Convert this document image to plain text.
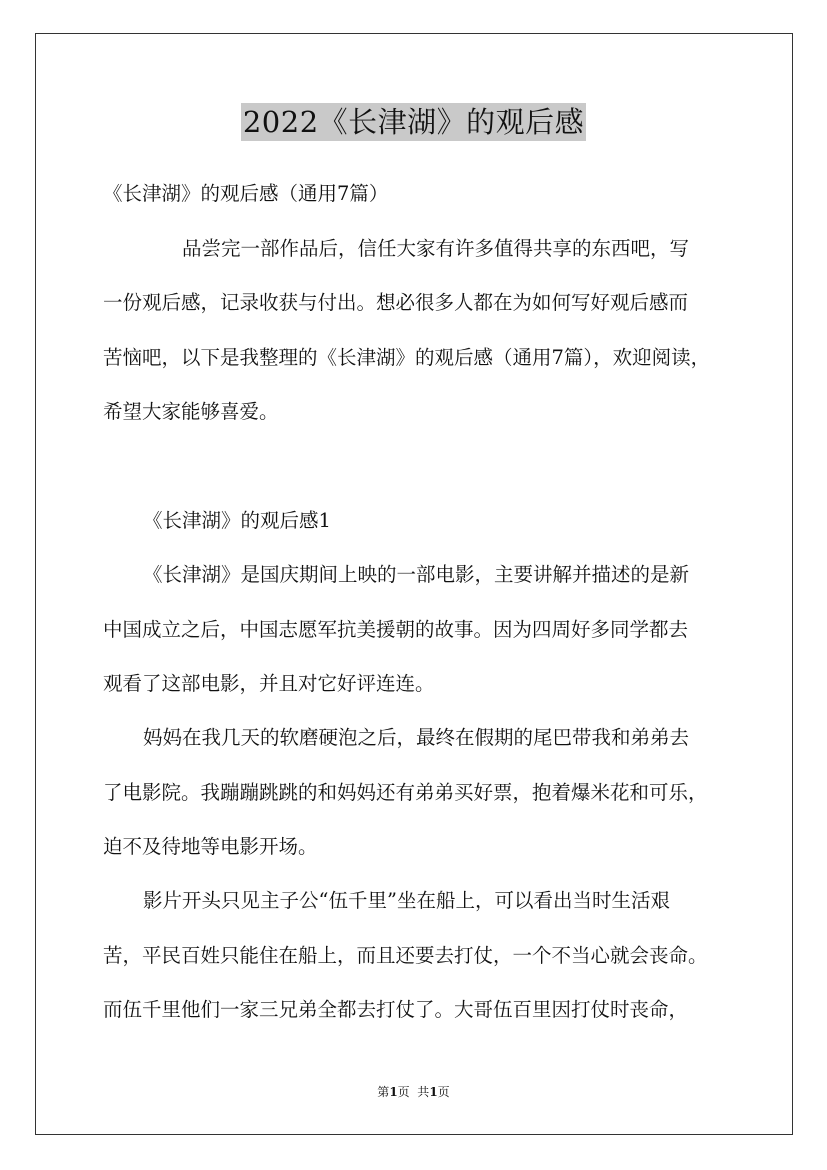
2022《长津湖》的观后感
《长津湖》的观后感（通用7篇）
品尝完一部作品后，信任大家有许多值得共享的东西吧，写
一份观后感，记录收获与付出。想必很多人都在为如何写好观后感而
苦恼吧，以下是我整理的《长津湖》的观后感（通用7篇），欢迎阅读，
希望大家能够喜爱。
《长津湖》的观后感1
《长津湖》是国庆期间上映的一部电影，主要讲解并描述的是新
中国成立之后，中国志愿军抗美援朝的故事。因为四周好多同学都去
观看了这部电影，并且对它好评连连。
妈妈在我几天的软磨硬泡之后，最终在假期的尾巴带我和弟弟去
了电影院。我蹦蹦跳跳的和妈妈还有弟弟买好票，抱着爆米花和可乐，
迫不及待地等电影开场。
影片开头只见主子公“伍千里”坐在船上，可以看出当时生活艰
苦，平民百姓只能住在船上，而且还要去打仗，一个不当心就会丧命。
而伍千里他们一家三兄弟全都去打仗了。大哥伍百里因打仗时丧命，
第1页  共1页
